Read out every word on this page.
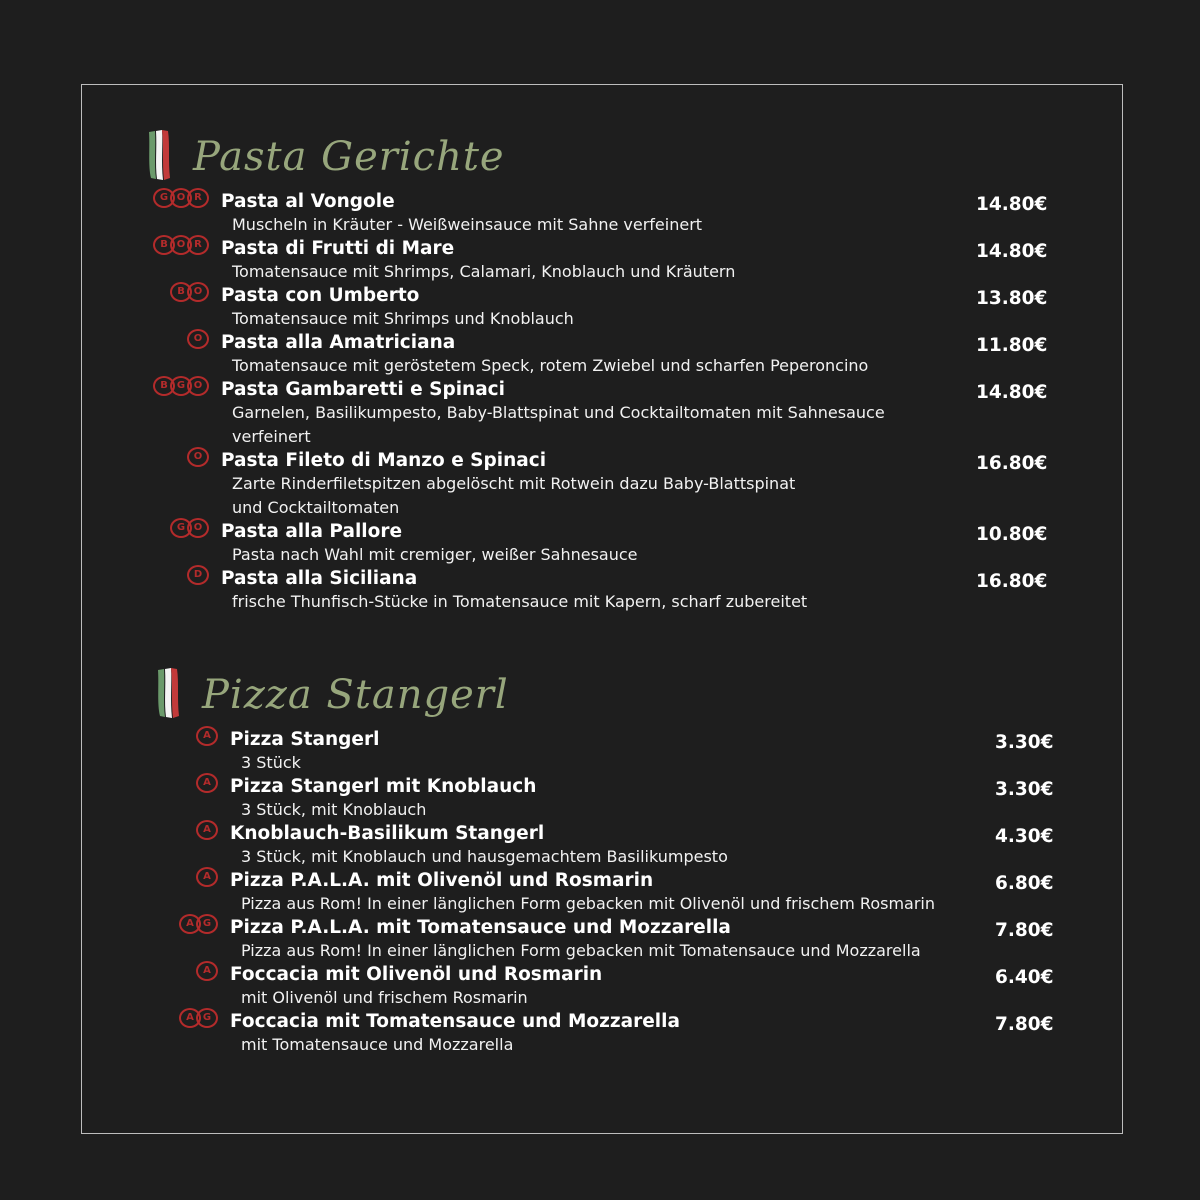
Pasta Gerichte
G O R	Pasta al Vongole
Muscheln in Kräuter - Weißweinsauce mit Sahne verfeinert
14.80€
B O R	Pasta di Frutti di Mare
Tomatensauce mit Shrimps, Calamari, Knoblauch und Kräutern
14.80€
B O	Pasta con Umberto
Tomatensauce mit Shrimps und Knoblauch
13.80€
O	Pasta alla Amatriciana
Tomatensauce mit geröstetem Speck, rotem Zwiebel und scharfen Peperoncino
11.80€
B G O	Pasta Gambaretti e Spinaci
Garnelen, Basilikumpesto, Baby-Blattspinat und Cocktailtomaten mit Sahnesauce
verfeinert
14.80€
O	Pasta Fileto di Manzo e Spinaci
Zarte Rinderfiletspitzen abgelöscht mit Rotwein dazu Baby-Blattspinat
und Cocktailtomaten
16.80€
G O	Pasta alla Pallore
Pasta nach Wahl mit cremiger, weißer Sahnesauce
10.80€
D	Pasta alla Siciliana
frische Thunfisch-Stücke in Tomatensauce mit Kapern, scharf zubereitet
16.80€
Pizza Stangerl
A	Pizza Stangerl
3 Stück
3.30€
A	Pizza Stangerl mit Knoblauch
3 Stück, mit Knoblauch
3.30€
A	Knoblauch-Basilikum Stangerl
3 Stück, mit Knoblauch und hausgemachtem Basilikumpesto
4.30€
A	Pizza P.A.L.A. mit Olivenöl und Rosmarin
Pizza aus Rom! In einer länglichen Form gebacken mit Olivenöl und frischem Rosmarin
6.80€
A G	Pizza P.A.L.A. mit Tomatensauce und Mozzarella
Pizza aus Rom! In einer länglichen Form gebacken mit Tomatensauce und Mozzarella
7.80€
A	Foccacia mit Olivenöl und Rosmarin
mit Olivenöl und frischem Rosmarin
6.40€
A G	Foccacia mit Tomatensauce und Mozzarella
mit Tomatensauce und Mozzarella
7.80€
